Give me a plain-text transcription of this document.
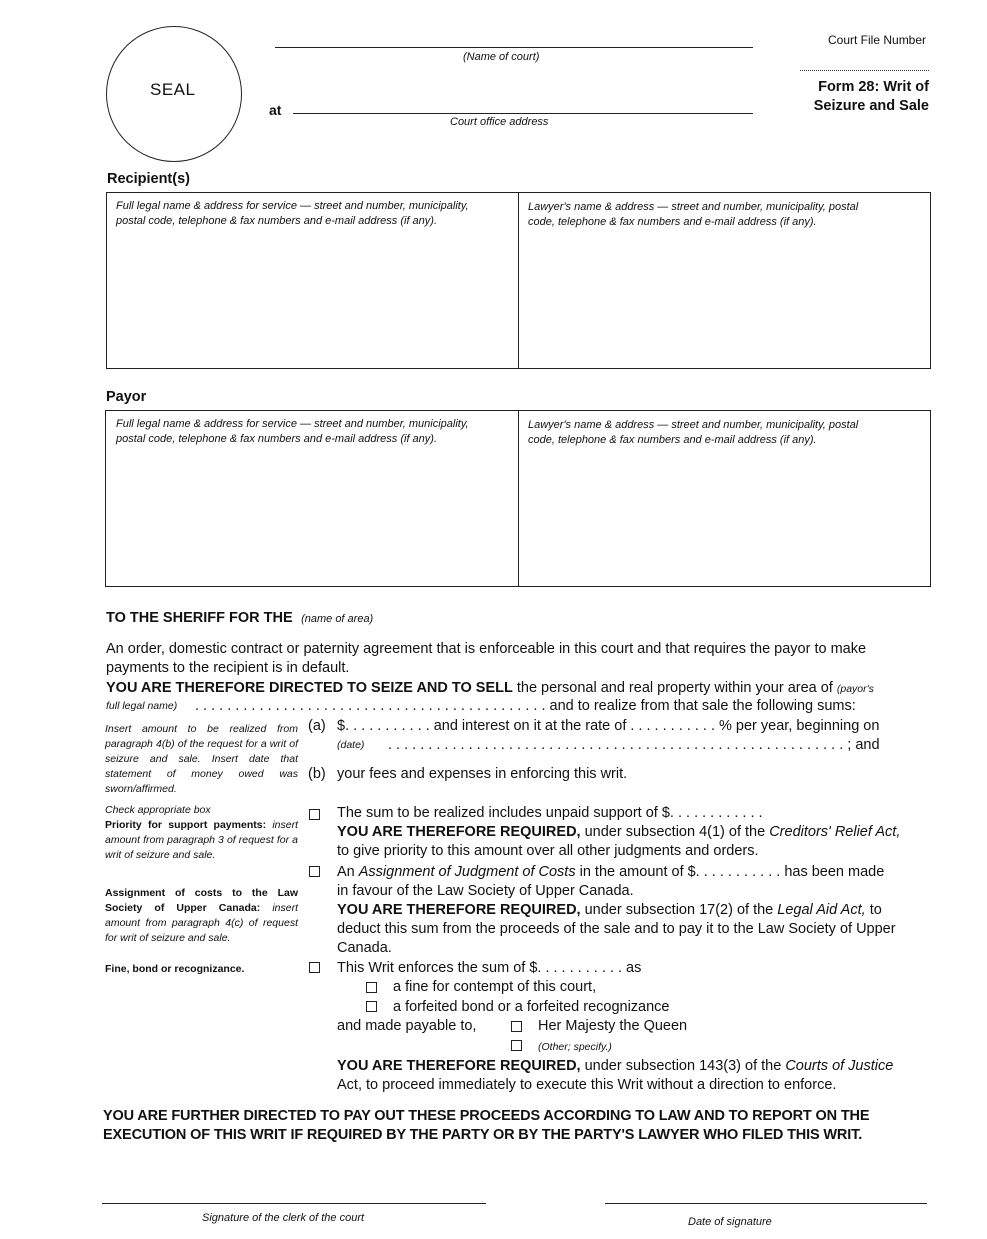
SEAL
(Name of court)
at
Court office address
Court File Number
Form 28: Writ of
Seizure and Sale
Recipient(s)
Full legal name & address for service — street and number, municipality,
postal code, telephone & fax numbers and e-mail address (if any).
Lawyer's name & address — street and number, municipality, postal
code, telephone & fax numbers and e-mail address (if any).
Payor
Full legal name & address for service — street and number, municipality,
postal code, telephone & fax numbers and e-mail address (if any).
Lawyer's name & address — street and number, municipality, postal
code, telephone & fax numbers and e-mail address (if any).
TO THE SHERIFF FOR THE (name of area)
An order, domestic contract or paternity agreement that is enforceable in this court and that requires the payor to make
payments to the recipient is in default.
YOU ARE THEREFORE DIRECTED TO SEIZE AND TO SELL the personal and real property within your area of (payor's
full legal name) . . . . . . . . . . . . . . . . . . . . . . . . . . . . . . . . . . . . . . . . . . . . and to realize from that sale the following sums:
Insert amount to be realized from paragraph 4(b) of the request for a writ of seizure and sale. Insert date that statement of money owed was sworn/affirmed.
Check appropriate box
Priority for support payments: insert amount from paragraph 3 of request for a writ of seizure and sale.
Assignment of costs to the Law Society of Upper Canada: insert amount from paragraph 4(c) of request for writ of seizure and sale.
Fine, bond or recognizance.
(a) $. . . . . . . . . . . and interest on it at the rate of . . . . . . . . . . . % per year, beginning on
(date) . . . . . . . . . . . . . . . . . . . . . . . . . . . . . . . . . . . . . . . . . . . . . . . . . . . . . . . . . ; and
(b) your fees and expenses in enforcing this writ.
The sum to be realized includes unpaid support of $. . . . . . . . . . . .
YOU ARE THEREFORE REQUIRED, under subsection 4(1) of the Creditors' Relief Act,
to give priority to this amount over all other judgments and orders.
An Assignment of Judgment of Costs in the amount of $. . . . . . . . . . . has been made
in favour of the Law Society of Upper Canada.
YOU ARE THEREFORE REQUIRED, under subsection 17(2) of the Legal Aid Act, to
deduct this sum from the proceeds of the sale and to pay it to the Law Society of Upper
Canada.
This Writ enforces the sum of $. . . . . . . . . . . as
a fine for contempt of this court,
a forfeited bond or a forfeited recognizance
and made payable to,	Her Majesty the Queen
(Other; specify.)
YOU ARE THEREFORE REQUIRED, under subsection 143(3) of the Courts of Justice
Act, to proceed immediately to execute this Writ without a direction to enforce.
YOU ARE FURTHER DIRECTED TO PAY OUT THESE PROCEEDS ACCORDING TO LAW AND TO REPORT ON THE
EXECUTION OF THIS WRIT IF REQUIRED BY THE PARTY OR BY THE PARTY'S LAWYER WHO FILED THIS WRIT.
Signature of the clerk of the court	Date of signature
